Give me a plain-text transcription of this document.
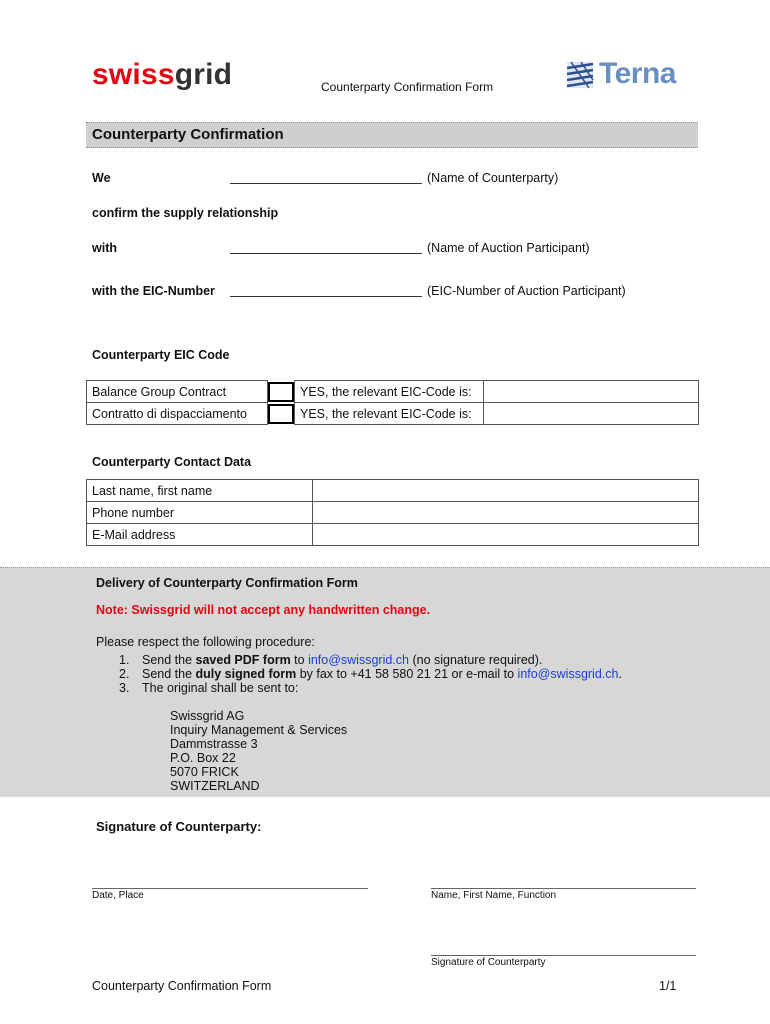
swissgrid	Counterparty Confirmation Form	Terna
Counterparty Confirmation
We	(Name of Counterparty)
confirm the supply relationship
with	(Name of Auction Participant)
with the EIC-Number	(EIC-Number of Auction Participant)
Counterparty EIC Code
Balance Group Contract		YES, the relevant EIC-Code is:	
Contratto di dispacciamento		YES, the relevant EIC-Code is:	
Counterparty Contact Data
Last name, first name	
Phone number	
E-Mail address	
Delivery of Counterparty Confirmation Form
Note: Swissgrid will not accept any handwritten change.
Please respect the following procedure:
1. Send the saved PDF form to info@swissgrid.ch (no signature required).
2. Send the duly signed form by fax to +41 58 580 21 21 or e-mail to info@swissgrid.ch.
3. The original shall be sent to:
Swissgrid AG
Inquiry Management & Services
Dammstrasse 3
P.O. Box 22
5070 FRICK
SWITZERLAND
Signature of Counterparty:
Date, Place	Name, First Name, Function
Signature of Counterparty
Counterparty Confirmation Form	1/1
